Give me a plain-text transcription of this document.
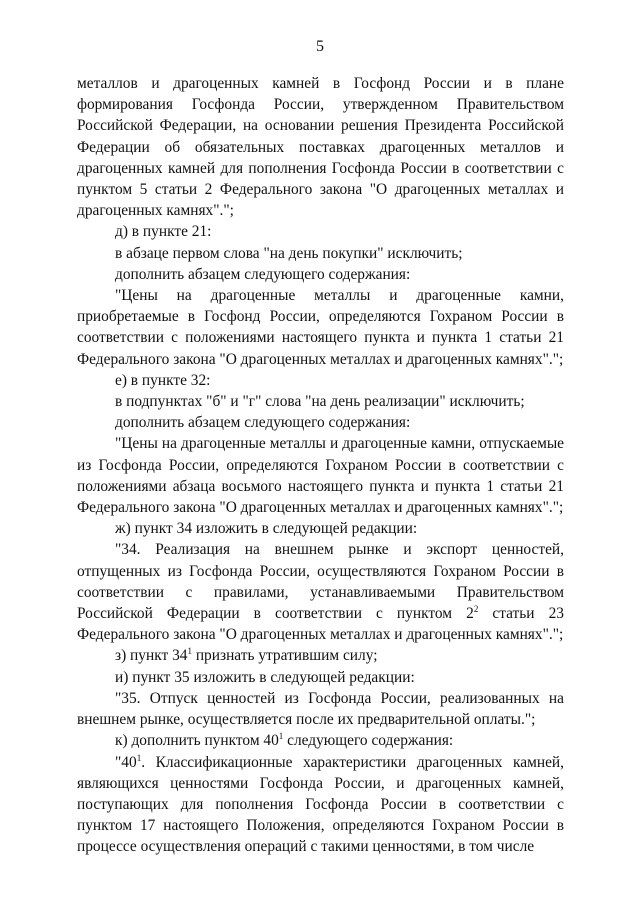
5

металлов и драгоценных камней в Госфонд России и в плане формирования Госфонда России, утвержденном Правительством Российской Федерации, на основании решения Президента Российской Федерации об обязательных поставках драгоценных металлов и драгоценных камней для пополнения Госфонда России в соответствии с пунктом 5 статьи 2 Федерального закона "О драгоценных металлах и драгоценных камнях".";

д) в пункте 21:

в абзаце первом слова "на день покупки" исключить;

дополнить абзацем следующего содержания:

"Цены на драгоценные металлы и драгоценные камни, приобретаемые в Госфонд России, определяются Гохраном России в соответствии с положениями настоящего пункта и пункта 1 статьи 21 Федерального закона "О драгоценных металлах и драгоценных камнях".";

е) в пункте 32:

в подпунктах "б" и "г" слова "на день реализации" исключить;

дополнить абзацем следующего содержания:

"Цены на драгоценные металлы и драгоценные камни, отпускаемые из Госфонда России, определяются Гохраном России в соответствии с положениями абзаца восьмого настоящего пункта и пункта 1 статьи 21 Федерального закона "О драгоценных металлах и драгоценных камнях".";

ж) пункт 34 изложить в следующей редакции:

"34. Реализация на внешнем рынке и экспорт ценностей, отпущенных из Госфонда России, осуществляются Гохраном России в соответствии с правилами, устанавливаемыми Правительством Российской Федерации в соответствии с пунктом $2^2$ статьи 23 Федерального закона "О драгоценных металлах и драгоценных камнях".";

з) пункт $34^1$ признать утратившим силу;

и) пункт 35 изложить в следующей редакции:

"35. Отпуск ценностей из Госфонда России, реализованных на внешнем рынке, осуществляется после их предварительной оплаты.";

к) дополнить пунктом $40^1$ следующего содержания:

"$40^1$. Классификационные характеристики драгоценных камней, являющихся ценностями Госфонда России, и драгоценных камней, поступающих для пополнения Госфонда России в соответствии с пунктом 17 настоящего Положения, определяются Гохраном России в процессе осуществления операций с такими ценностями, в том числе
